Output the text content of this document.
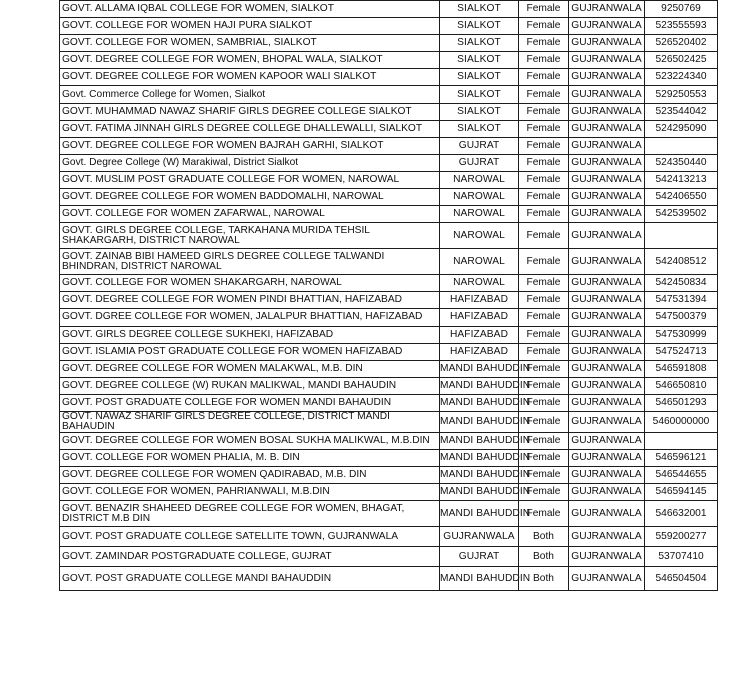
GOVT. ALLAMA IQBAL COLLEGE FOR WOMEN, SIALKOT	SIALKOT	Female	GUJRANWALA	9250769
GOVT. COLLEGE FOR WOMEN HAJI PURA SIALKOT	SIALKOT	Female	GUJRANWALA	523555593
GOVT. COLLEGE FOR WOMEN, SAMBRIAL, SIALKOT	SIALKOT	Female	GUJRANWALA	526520402
GOVT. DEGREE COLLEGE FOR WOMEN, BHOPAL WALA, SIALKOT	SIALKOT	Female	GUJRANWALA	526502425
GOVT. DEGREE COLLEGE FOR WOMEN KAPOOR WALI SIALKOT	SIALKOT	Female	GUJRANWALA	523224340
Govt. Commerce College for Women, Sialkot	SIALKOT	Female	GUJRANWALA	529250553
GOVT. MUHAMMAD NAWAZ SHARIF GIRLS DEGREE COLLEGE SIALKOT	SIALKOT	Female	GUJRANWALA	523544042
GOVT. FATIMA JINNAH GIRLS DEGREE COLLEGE DHALLEWALLI, SIALKOT	SIALKOT	Female	GUJRANWALA	524295090
GOVT. DEGREE COLLEGE FOR WOMEN BAJRAH GARHI, SIALKOT	GUJRAT	Female	GUJRANWALA	
Govt. Degree College (W) Marakiwal, District Sialkot	GUJRAT	Female	GUJRANWALA	524350440
GOVT. MUSLIM POST GRADUATE COLLEGE FOR WOMEN, NAROWAL	NAROWAL	Female	GUJRANWALA	542413213
GOVT. DEGREE COLLEGE FOR WOMEN BADDOMALHI, NAROWAL	NAROWAL	Female	GUJRANWALA	542406550
GOVT. COLLEGE FOR WOMEN ZAFARWAL, NAROWAL	NAROWAL	Female	GUJRANWALA	542539502
GOVT. GIRLS DEGREE COLLEGE, TARKAHANA MURIDA TEHSIL SHAKARGARH, DISTRICT NAROWAL	NAROWAL	Female	GUJRANWALA	
GOVT. ZAINAB BIBI HAMEED GIRLS DEGREE COLLEGE TALWANDI BHINDRAN, DISTRICT NAROWAL	NAROWAL	Female	GUJRANWALA	542408512
GOVT. COLLEGE FOR WOMEN SHAKARGARH, NAROWAL	NAROWAL	Female	GUJRANWALA	542450834
GOVT. DEGREE COLLEGE FOR WOMEN PINDI BHATTIAN, HAFIZABAD	HAFIZABAD	Female	GUJRANWALA	547531394
GOVT. DGREE COLLEGE FOR WOMEN, JALALPUR BHATTIAN, HAFIZABAD	HAFIZABAD	Female	GUJRANWALA	547500379
GOVT. GIRLS DEGREE COLLEGE SUKHEKI, HAFIZABAD	HAFIZABAD	Female	GUJRANWALA	547530999
GOVT. ISLAMIA POST GRADUATE COLLEGE FOR WOMEN HAFIZABAD	HAFIZABAD	Female	GUJRANWALA	547524713
GOVT. DEGREE COLLEGE FOR WOMEN MALAKWAL, M.B. DIN	MANDI BAHUDDIN	Female	GUJRANWALA	546591808
GOVT. DEGREE COLLEGE (W) RUKAN MALIKWAL, MANDI BAHAUDIN	MANDI BAHUDDIN	Female	GUJRANWALA	546650810
GOVT. POST GRADUATE COLLEGE FOR WOMEN MANDI BAHAUDIN	MANDI BAHUDDIN	Female	GUJRANWALA	546501293
GOVT. NAWAZ SHARIF GIRLS DEGREE COLLEGE, DISTRICT MANDI BAHAUDIN	MANDI BAHUDDIN	Female	GUJRANWALA	5460000000
GOVT. DEGREE COLLEGE FOR WOMEN BOSAL SUKHA MALIKWAL, M.B.DIN	MANDI BAHUDDIN	Female	GUJRANWALA	
GOVT. COLLEGE FOR WOMEN PHALIA, M. B. DIN	MANDI BAHUDDIN	Female	GUJRANWALA	546596121
GOVT. DEGREE COLLEGE FOR WOMEN QADIRABAD, M.B. DIN	MANDI BAHUDDIN	Female	GUJRANWALA	546544655
GOVT. COLLEGE FOR WOMEN, PAHRIANWALI, M.B.DIN	MANDI BAHUDDIN	Female	GUJRANWALA	546594145
GOVT. BENAZIR SHAHEED DEGREE COLLEGE FOR WOMEN, BHAGAT, DISTRICT M.B DIN	MANDI BAHUDDIN	Female	GUJRANWALA	546632001
GOVT. POST GRADUATE COLLEGE SATELLITE TOWN, GUJRANWALA	GUJRANWALA	Both	GUJRANWALA	559200277
GOVT. ZAMINDAR POSTGRADUATE COLLEGE, GUJRAT	GUJRAT	Both	GUJRANWALA	53707410
GOVT. POST GRADUATE COLLEGE MANDI BAHAUDDIN	MANDI BAHUDDIN	Both	GUJRANWALA	546504504
